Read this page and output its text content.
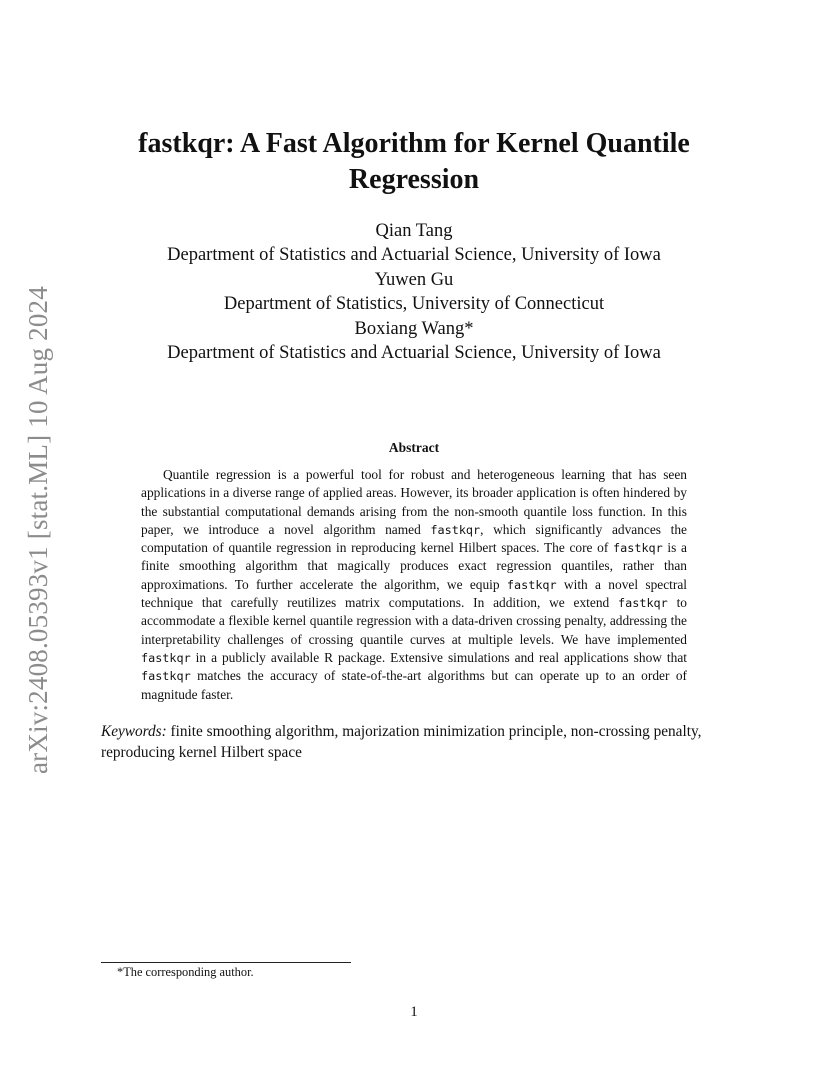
arXiv:2408.05393v1 [stat.ML] 10 Aug 2024
fastkqr: A Fast Algorithm for Kernel Quantile
Regression
Qian Tang
Department of Statistics and Actuarial Science, University of Iowa
Yuwen Gu
Department of Statistics, University of Connecticut
Boxiang Wang*
Department of Statistics and Actuarial Science, University of Iowa
Abstract

Quantile regression is a powerful tool for robust and heterogeneous learning that has seen applications in a diverse range of applied areas. However, its broader application is often hindered by the substantial computational demands arising from the non-smooth quantile loss function. In this paper, we introduce a novel algorithm named fastkqr, which significantly advances the computation of quantile regression in reproducing kernel Hilbert spaces. The core of fastkqr is a finite smoothing algorithm that magically produces exact regression quantiles, rather than approximations. To further accelerate the algorithm, we equip fastkqr with a novel spectral technique that carefully reutilizes matrix computations. In addition, we extend fastkqr to accommodate a flexible kernel quantile regression with a data-driven crossing penalty, addressing the interpretability challenges of crossing quantile curves at multiple levels. We have implemented fastkqr in a publicly available R package. Extensive simulations and real applications show that fastkqr matches the accuracy of state-of-the-art algorithms but can operate up to an order of magnitude faster.

Keywords: finite smoothing algorithm, majorization minimization principle, non-crossing penalty, reproducing kernel Hilbert space
*The corresponding author.
1
